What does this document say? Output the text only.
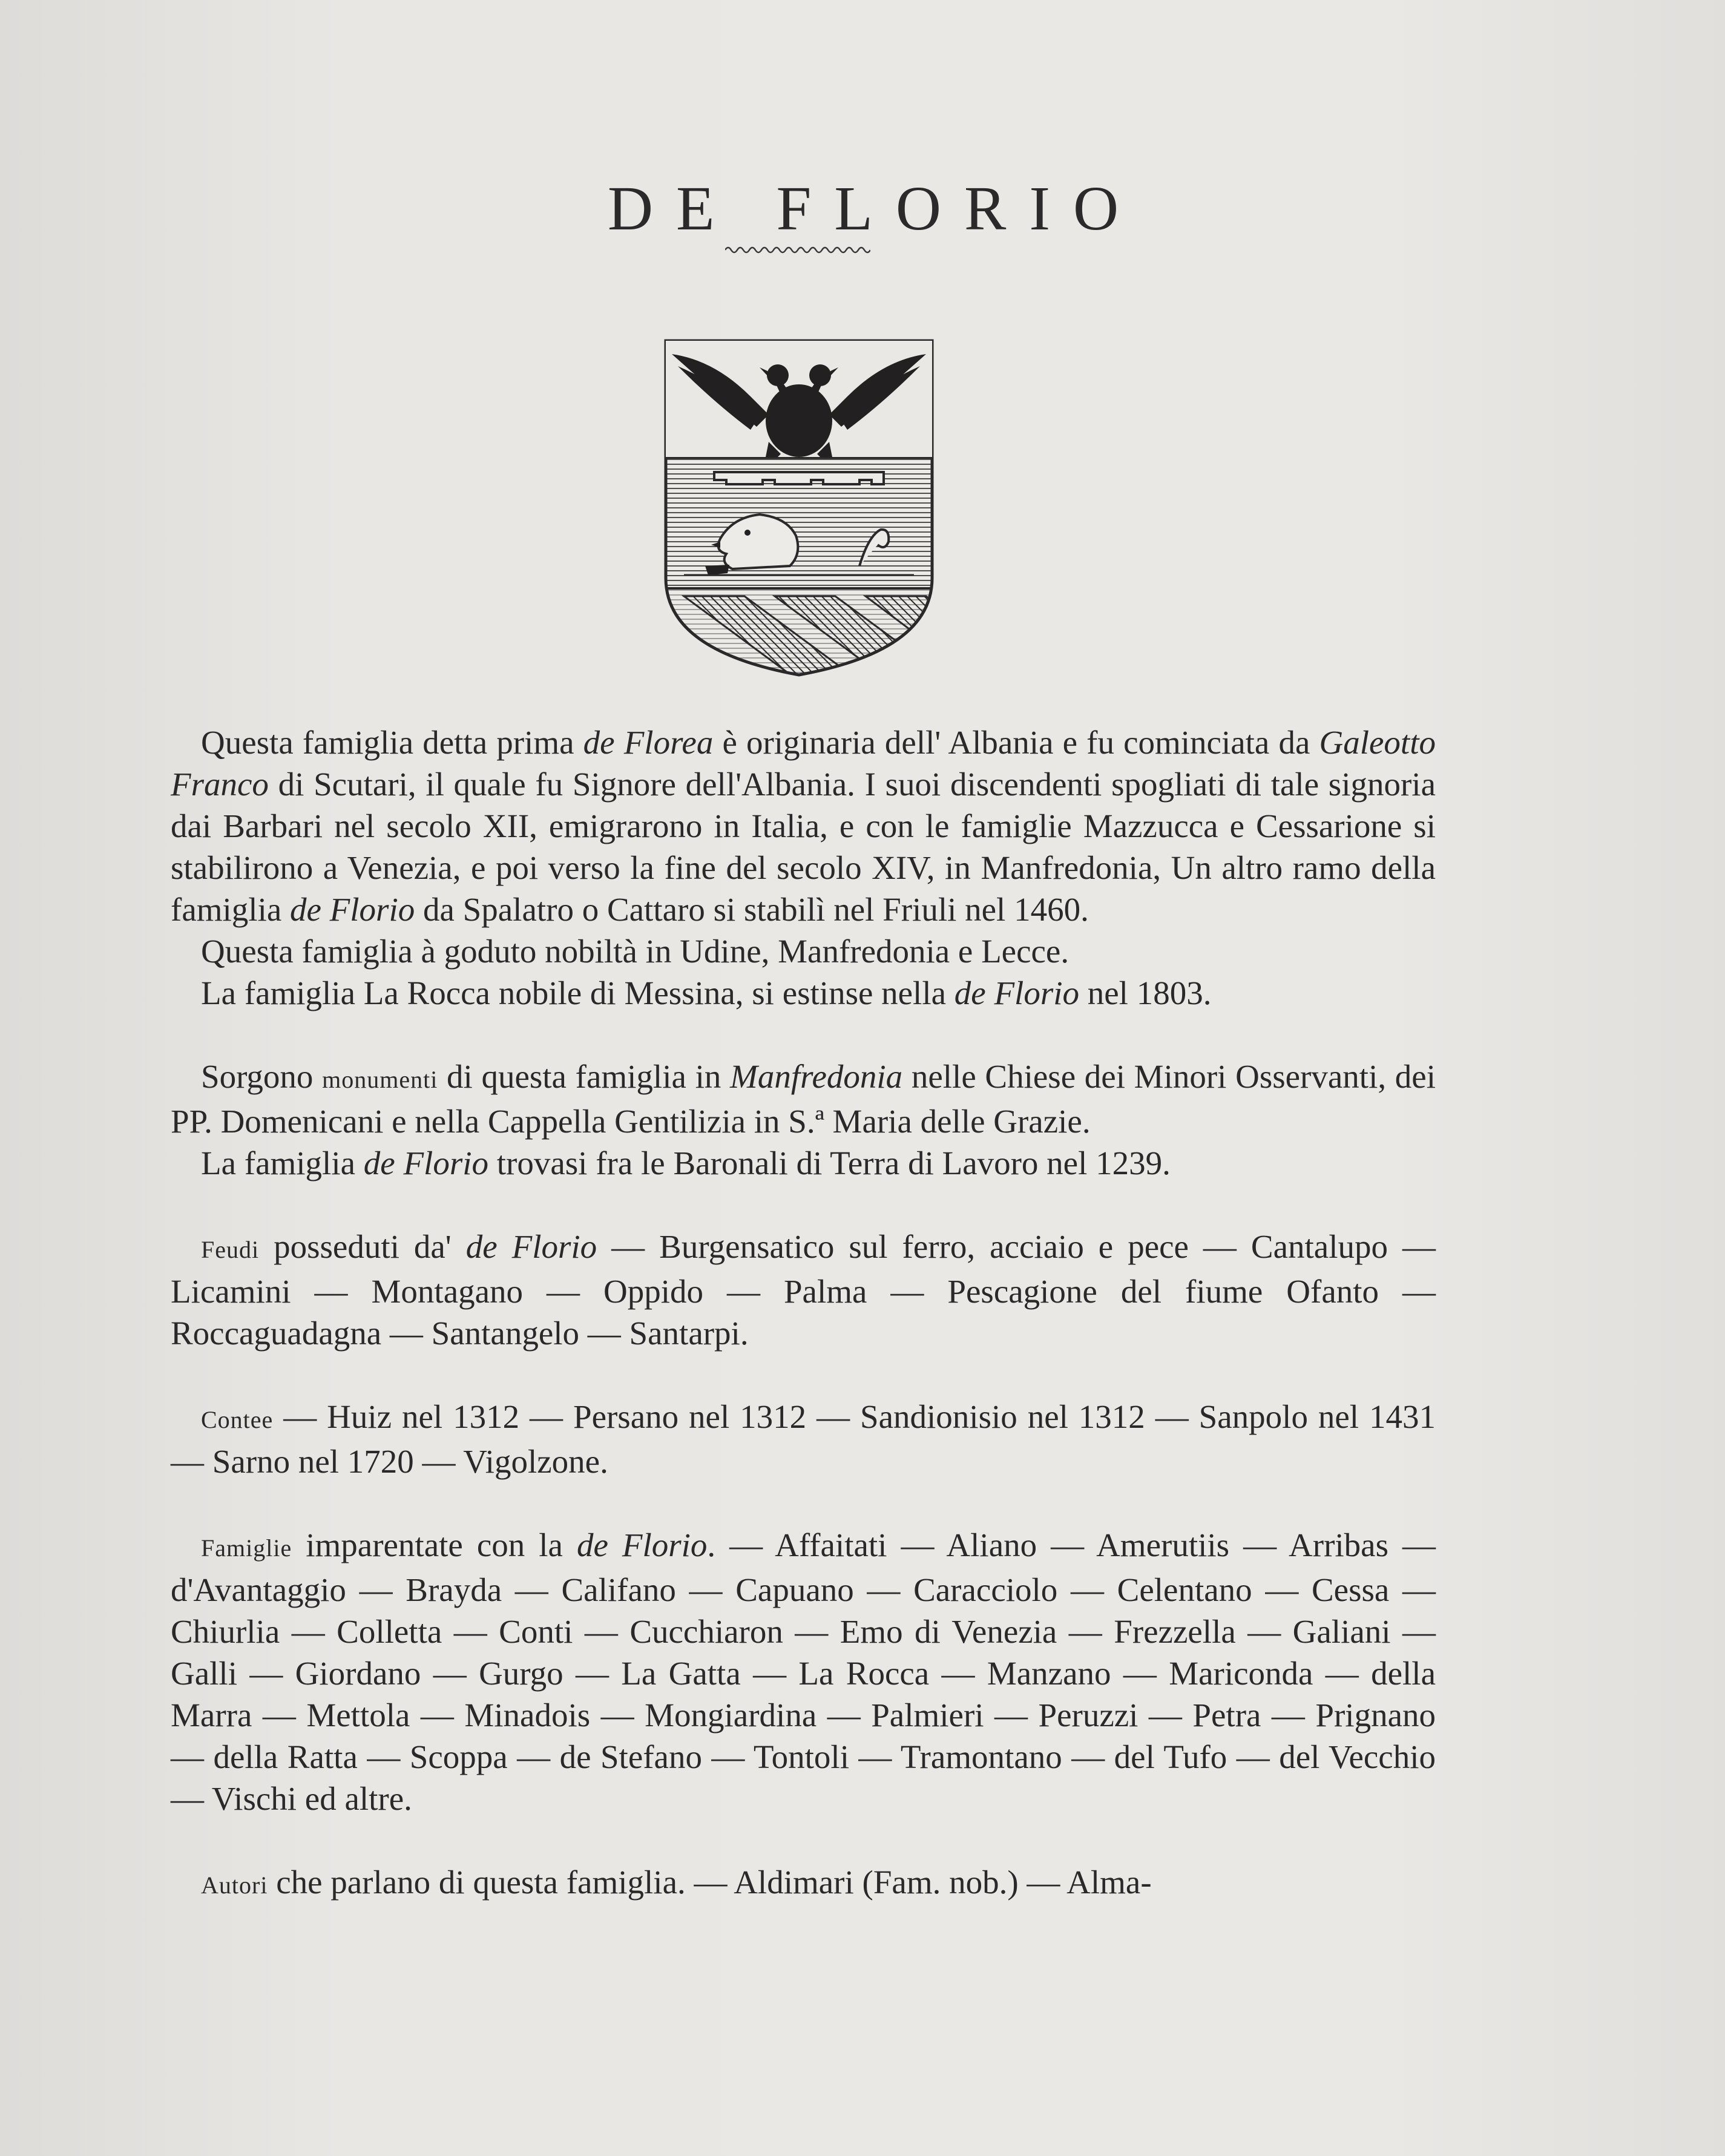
DE FLORIO

Questa famiglia detta prima de Florea è originaria dell' Albania e fu cominciata da Galeotto Franco di Scutari, il quale fu Signore dell'Albania. I suoi discendenti spogliati di tale signoria dai Barbari nel secolo XII, emigrarono in Italia, e con le famiglie Mazzucca e Cessarione si stabilirono a Venezia, e poi verso la fine del secolo XIV, in Manfredonia, Un altro ramo della famiglia de Florio da Spalatro o Cattaro si stabilì nel Friuli nel 1460.

Questa famiglia à goduto nobiltà in Udine, Manfredonia e Lecce.

La famiglia La Rocca nobile di Messina, si estinse nella de Florio nel 1803.

Sorgono monumenti di questa famiglia in Manfredonia nelle Chiese dei Minori Osservanti, dei PP. Domenicani e nella Cappella Gentilizia in S.ª Maria delle Grazie.

La famiglia de Florio trovasi fra le Baronali di Terra di Lavoro nel 1239.

Feudi posseduti da' de Florio — Burgensatico sul ferro, acciaio e pece — Cantalupo — Licamini — Montagano — Oppido — Palma — Pescagione del fiume Ofanto — Roccaguadagna — Santangelo — Santarpi.

Contee — Huiz nel 1312 — Persano nel 1312 — Sandionisio nel 1312 — Sanpolo nel 1431 — Sarno nel 1720 — Vigolzone.

Famiglie imparentate con la de Florio. — Affaitati — Aliano — Amerutiis — Arribas — d'Avantaggio — Brayda — Califano — Capuano — Caracciolo — Celentano — Cessa — Chiurlia — Colletta — Conti — Cucchiaron — Emo di Venezia — Frezzella — Galiani — Galli — Giordano — Gurgo — La Gatta — La Rocca — Manzano — Mariconda — della Marra — Mettola — Minadois — Mongiardina — Palmieri — Peruzzi — Petra — Prignano — della Ratta — Scoppa — de Stefano — Tontoli — Tramontano — del Tufo — del Vecchio — Vischi ed altre.

Autori che parlano di questa famiglia. — Aldimari (Fam. nob.) — Alma-
